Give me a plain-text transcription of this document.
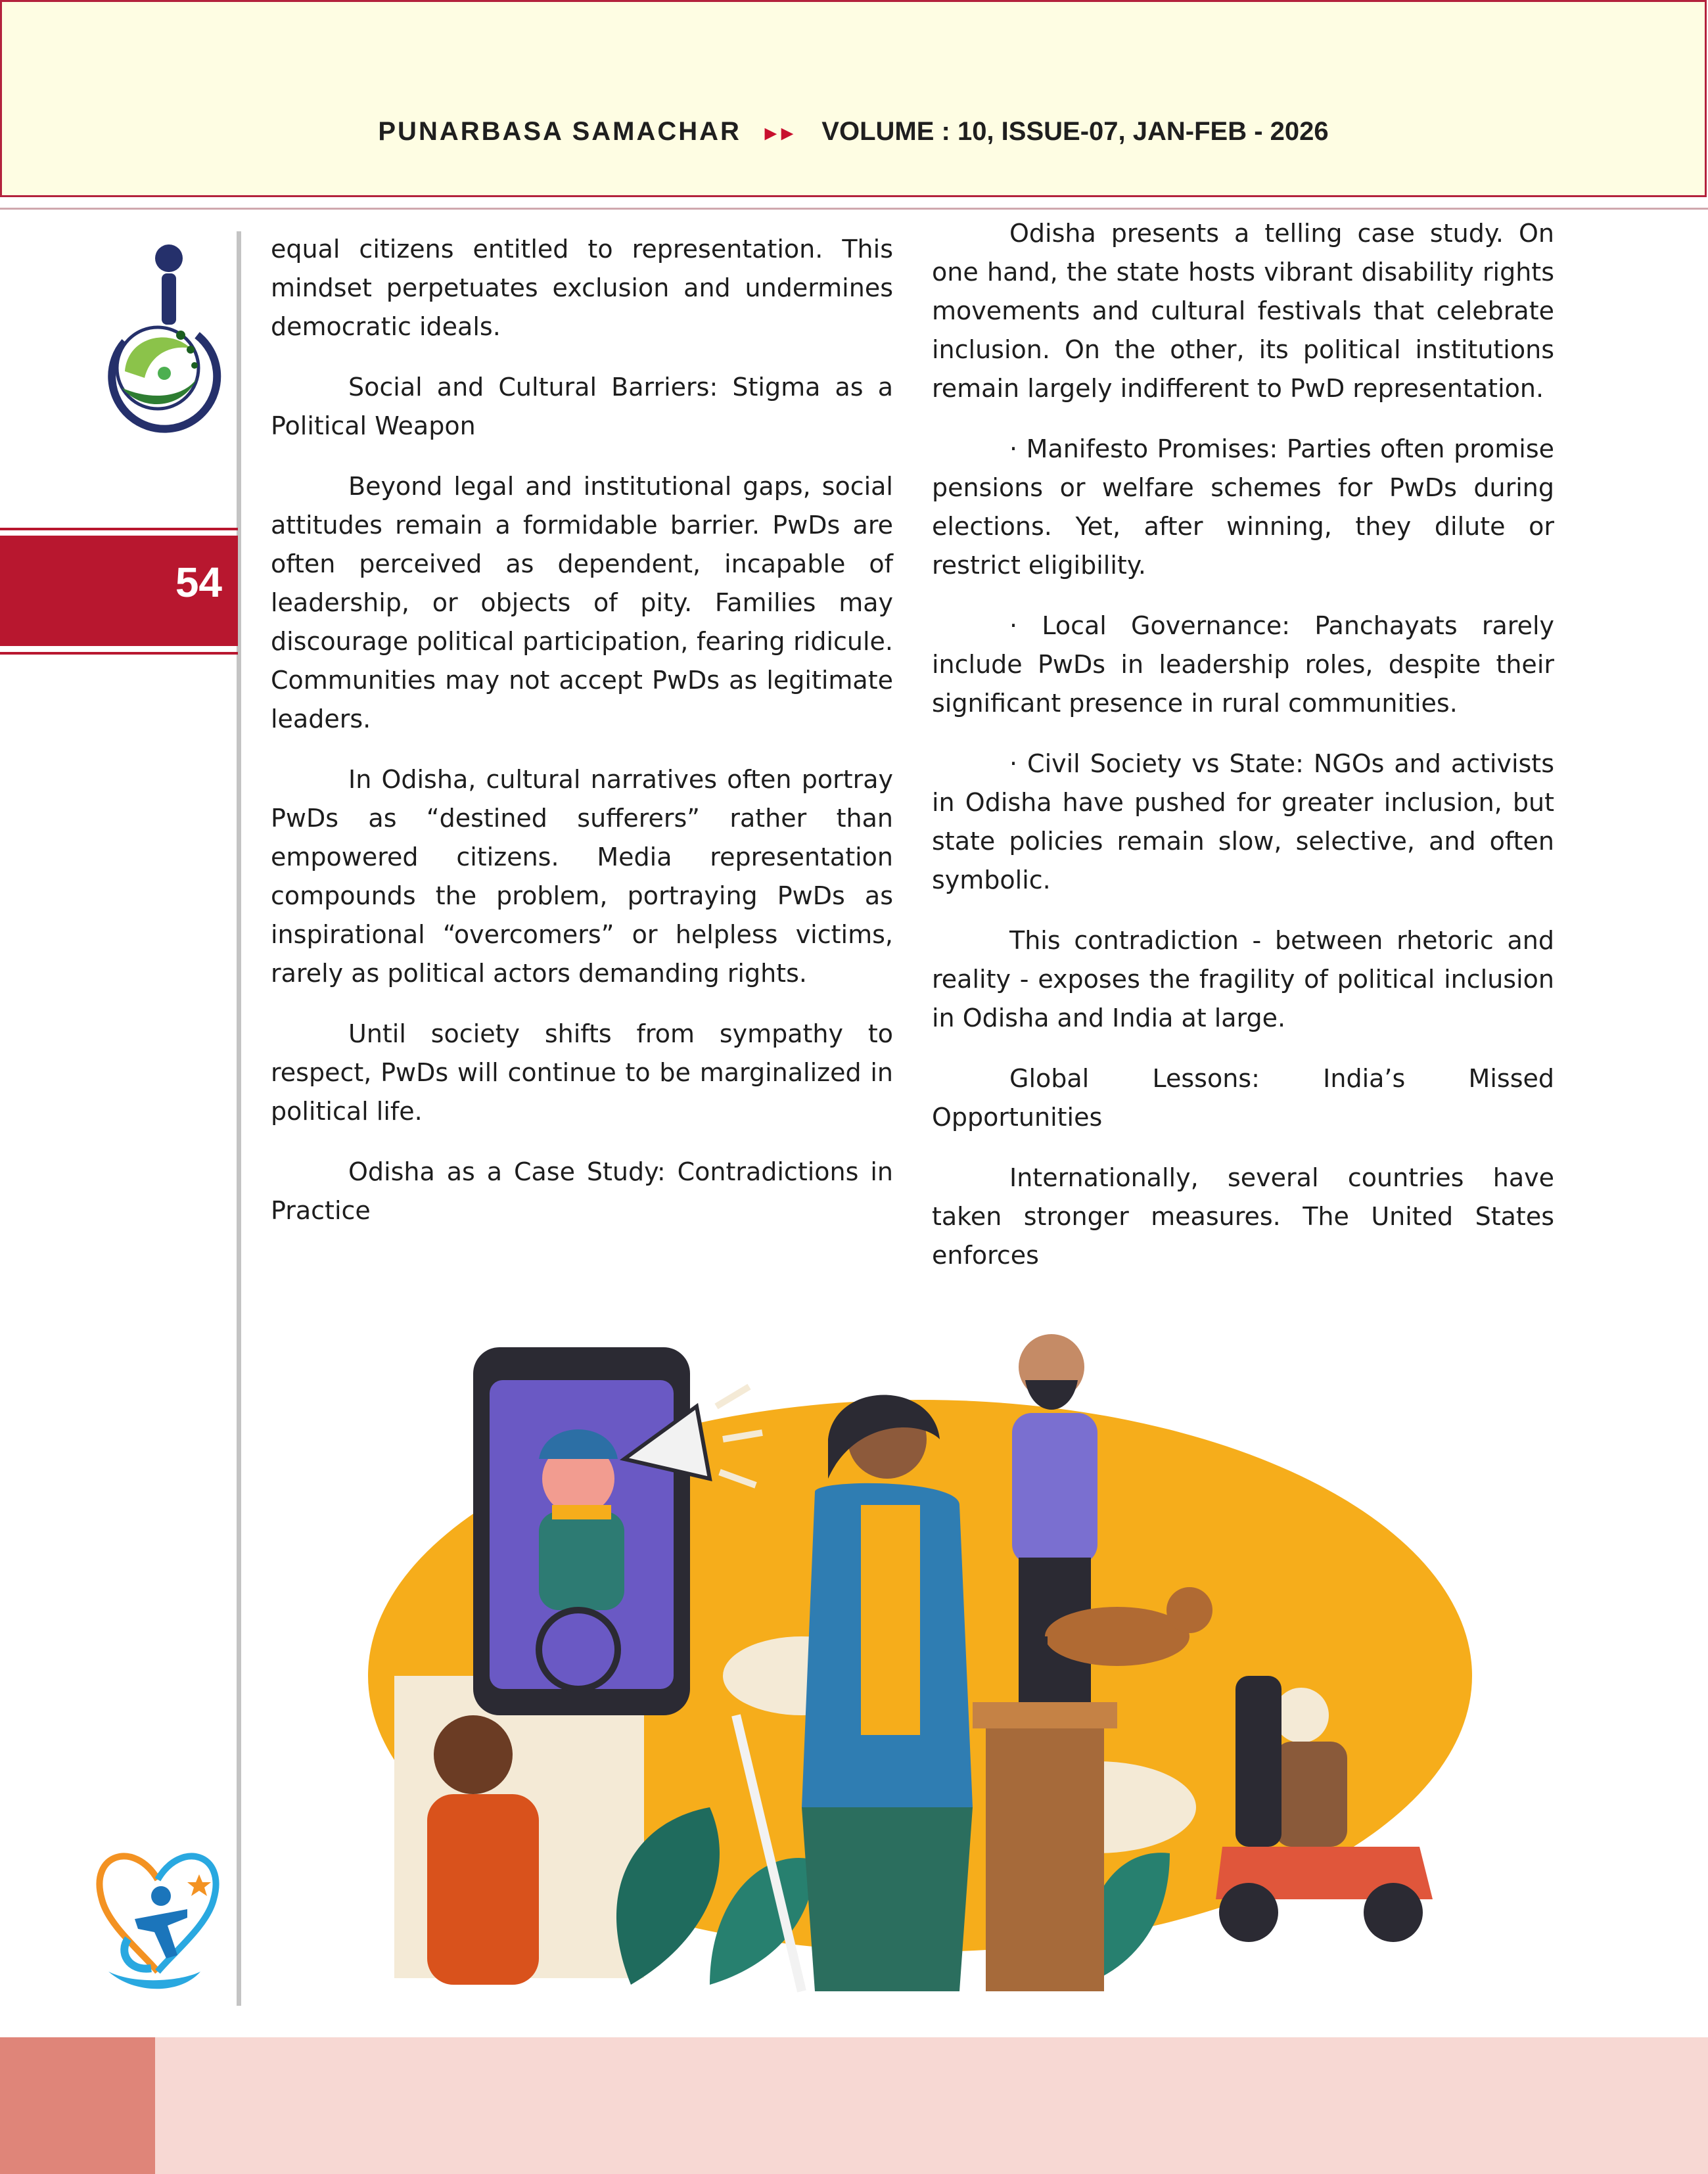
PUNARBASA SAMACHAR ▸▸ VOLUME : 10, ISSUE-07, JAN-FEB - 2026
54

equal citizens entitled to representation. This mindset perpetuates exclusion and undermines democratic ideals.

Social and Cultural Barriers: Stigma as a Political Weapon

Beyond legal and institutional gaps, social attitudes remain a formidable barrier. PwDs are often perceived as dependent, incapable of leadership, or objects of pity. Families may discourage political participation, fearing ridicule. Communities may not accept PwDs as legitimate leaders.

In Odisha, cultural narratives often portray PwDs as “destined sufferers” rather than empowered citizens. Media representation compounds the problem, portraying PwDs as inspirational “overcomers” or helpless victims, rarely as political actors demanding rights.

Until society shifts from sympathy to respect, PwDs will continue to be marginalized in political life.

Odisha as a Case Study: Contradictions in Practice

Odisha presents a telling case study. On one hand, the state hosts vibrant disability rights movements and cultural festivals that celebrate inclusion. On the other, its political institutions remain largely indifferent to PwD representation.

· Manifesto Promises: Parties often promise pensions or welfare schemes for PwDs during elections. Yet, after winning, they dilute or restrict eligibility.

· Local Governance: Panchayats rarely include PwDs in leadership roles, despite their significant presence in rural communities.

· Civil Society vs State: NGOs and activists in Odisha have pushed for greater inclusion, but state policies remain slow, selective, and often symbolic.

This contradiction - between rhetoric and reality - exposes the fragility of political inclusion in Odisha and India at large.

Global Lessons: India’s Missed Opportunities

Internationally, several countries have taken stronger measures. The United States enforces
